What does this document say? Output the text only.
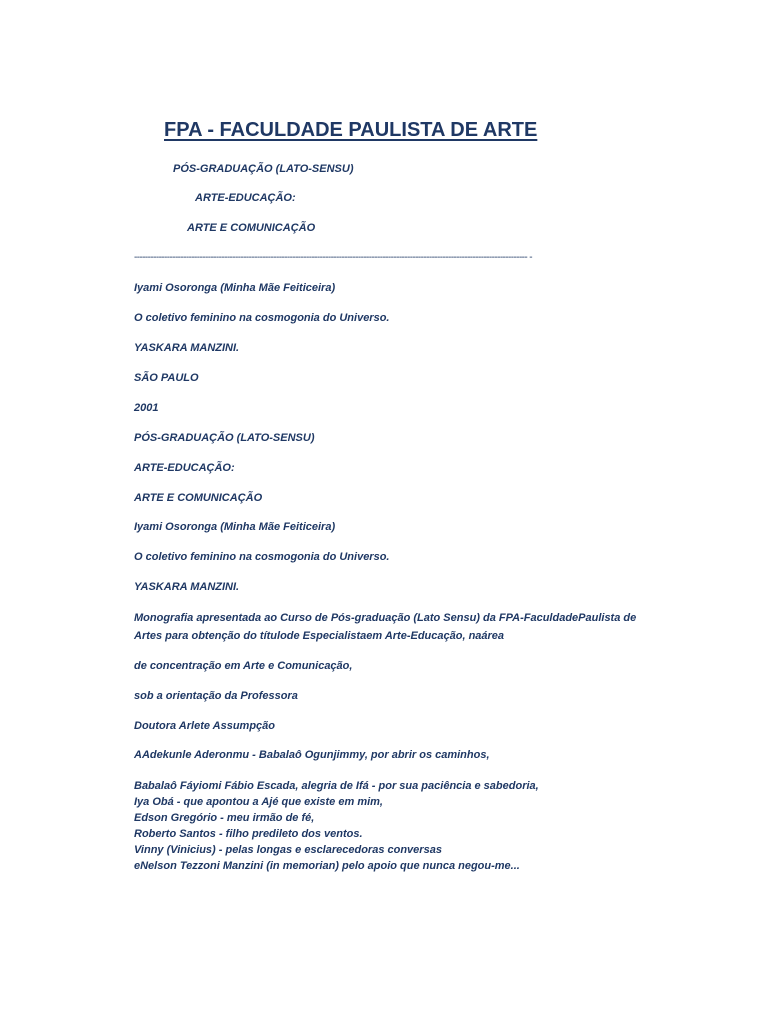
FPA - FACULDADE PAULISTA DE ARTE
PÓS-GRADUAÇÃO (LATO-SENSU)
ARTE-EDUCAÇÃO:
ARTE E COMUNICAÇÃO
------------------------------------------------------------------------------------------------------------------------------------------------ -
Iyami Osoronga (Minha Mãe Feiticeira)
O coletivo feminino na cosmogonia do Universo.
YASKARA MANZINI.
SÃO PAULO
2001
PÓS-GRADUAÇÃO (LATO-SENSU)
ARTE-EDUCAÇÃO:
ARTE E COMUNICAÇÃO
Iyami Osoronga (Minha Mãe Feiticeira)
O coletivo feminino na cosmogonia do Universo.
YASKARA MANZINI.
Monografia apresentada ao Curso de Pós-graduação (Lato Sensu) da FPA-FaculdadePaulista de Artes para obtenção do títulode Especialistaem Arte-Educação, naárea
de concentração em Arte e Comunicação,
sob a orientação da Professora
Doutora Arlete Assumpção
AAdekunle Aderonmu - Babalaô Ogunjimmy, por abrir os caminhos,
Babalaô Fáyiomi Fábio Escada, alegria de Ifá - por sua paciência e sabedoria,
Iya Obá - que apontou a Ajé que existe em mim,
Edson Gregório - meu irmão de fé,
Roberto Santos - filho predileto dos ventos.
Vinny (Vinicius) - pelas longas e esclarecedoras conversas
eNelson Tezzoni Manzini (in memorian) pelo apoio que nunca negou-me...
